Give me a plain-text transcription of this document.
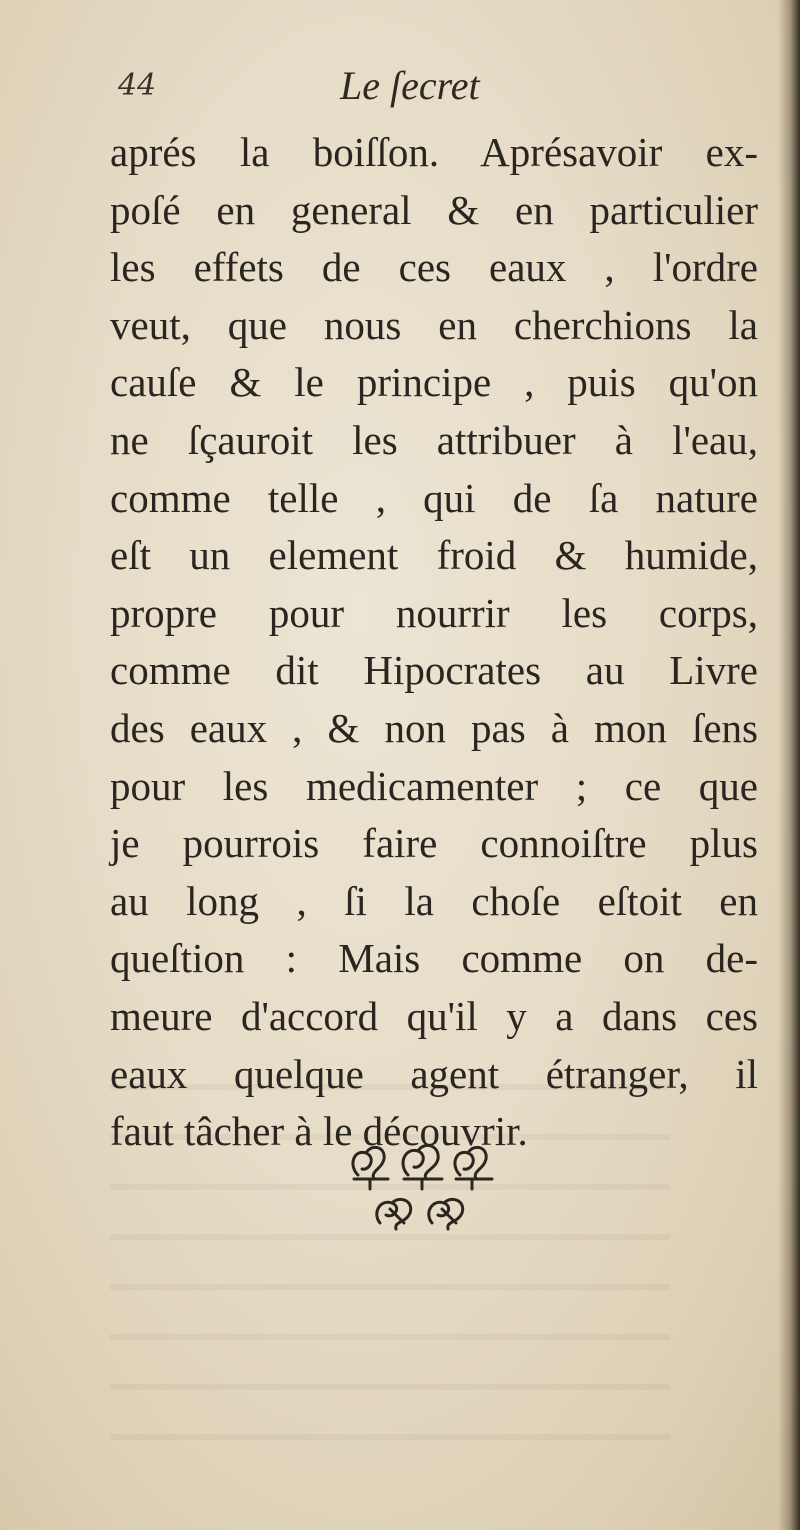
44	Le ſecret
aprés la boiſſon. Aprésavoir ex-
poſé en general & en particulier
les effets de ces eaux , l'ordre
veut, que nous en cherchions la
cauſe & le principe , puis qu'on
ne ſçauroit les attribuer à l'eau,
comme telle , qui de ſa nature
eſt un element froid & humide,
propre pour nourrir les corps,
comme dit Hipocrates au Livre
des eaux , & non pas à mon ſens
pour les medicamenter ; ce que
je pourrois faire connoiſtre plus
au long , ſi la choſe eſtoit en
queſtion : Mais comme on de-
meure d'accord qu'il y a dans ces
eaux quelque agent étranger, il
faut tâcher à le découvrir.
